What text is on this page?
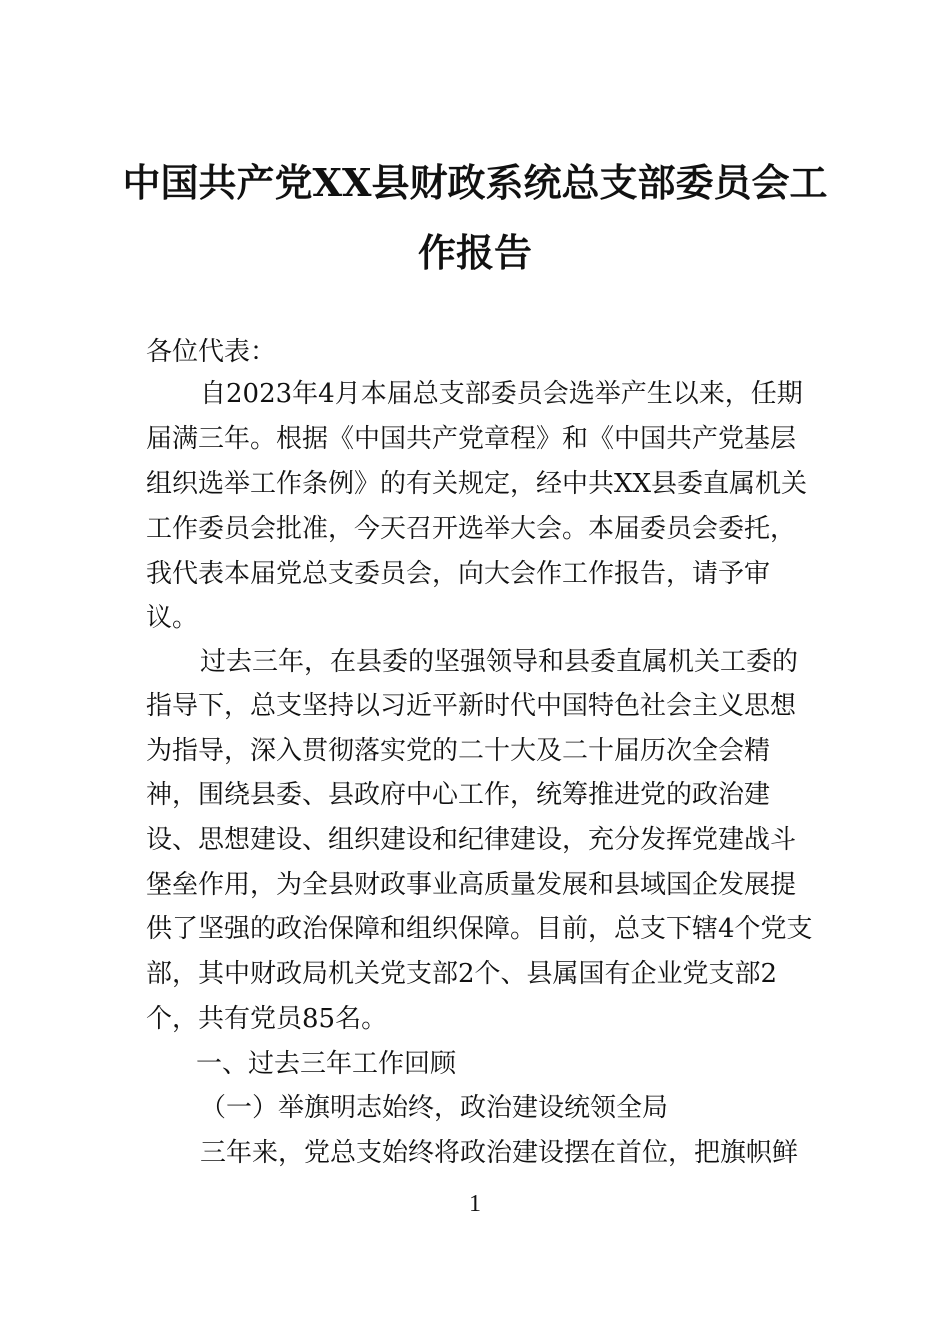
中国共产党XX县财政系统总支部委员会工
作报告
各位代表：
自2023年4月本届总支部委员会选举产生以来，任期
届满三年。根据《中国共产党章程》和《中国共产党基层
组织选举工作条例》的有关规定，经中共XX县委直属机关
工作委员会批准，今天召开选举大会。本届委员会委托，
我代表本届党总支委员会，向大会作工作报告，请予审
议。
过去三年，在县委的坚强领导和县委直属机关工委的
指导下，总支坚持以习近平新时代中国特色社会主义思想
为指导，深入贯彻落实党的二十大及二十届历次全会精
神，围绕县委、县政府中心工作，统筹推进党的政治建
设、思想建设、组织建设和纪律建设，充分发挥党建战斗
堡垒作用，为全县财政事业高质量发展和县域国企发展提
供了坚强的政治保障和组织保障。目前，总支下辖4个党支
部，其中财政局机关党支部2个、县属国有企业党支部2
个，共有党员85名。
一、过去三年工作回顾
（一）举旗明志始终，政治建设统领全局
三年来，党总支始终将政治建设摆在首位，把旗帜鲜
1
